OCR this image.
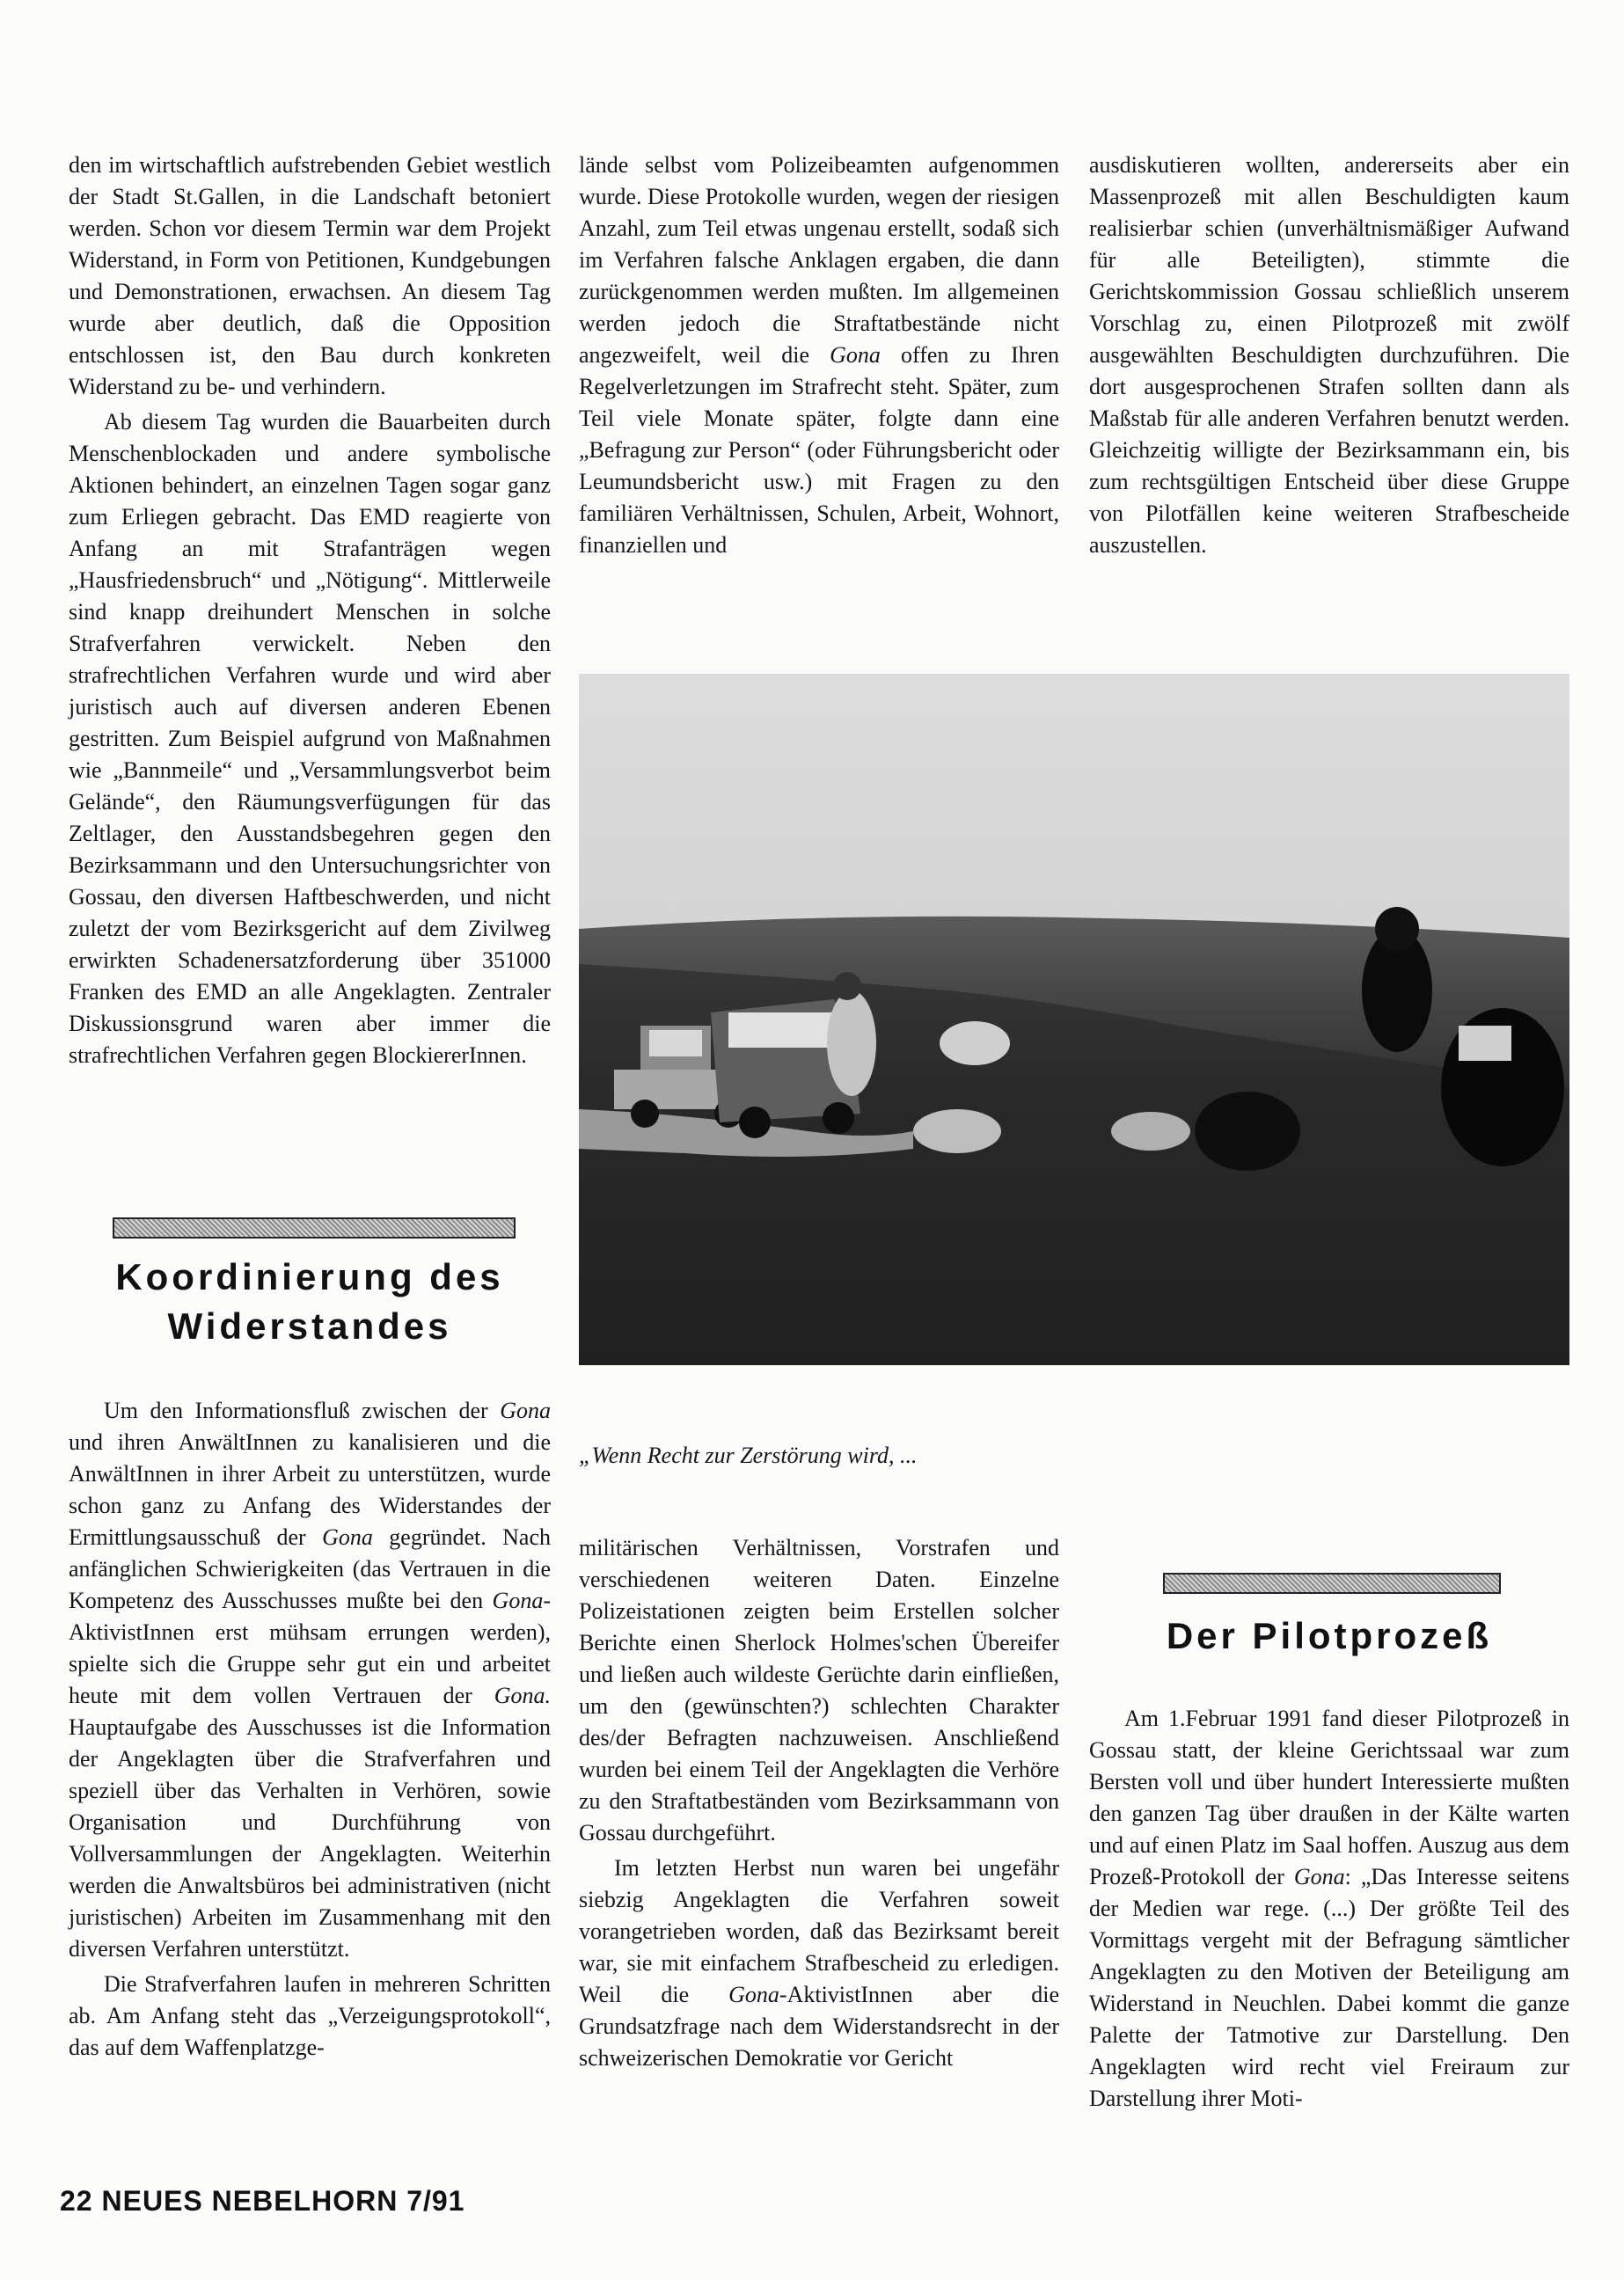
den im wirtschaftlich aufstrebenden Gebiet westlich der Stadt St.Gallen, in die Landschaft betoniert werden. Schon vor diesem Termin war dem Projekt Widerstand, in Form von Petitionen, Kundgebungen und Demonstrationen, erwachsen. An diesem Tag wurde aber deutlich, daß die Opposition entschlossen ist, den Bau durch konkreten Widerstand zu be- und verhindern.

Ab diesem Tag wurden die Bauarbeiten durch Menschenblockaden und andere symbolische Aktionen behindert, an einzelnen Tagen sogar ganz zum Erliegen gebracht. Das EMD reagierte von Anfang an mit Strafanträgen wegen „Hausfriedensbruch“ und „Nötigung“. Mittlerweile sind knapp dreihundert Menschen in solche Strafverfahren verwickelt. Neben den strafrechtlichen Verfahren wurde und wird aber juristisch auch auf diversen anderen Ebenen gestritten. Zum Beispiel aufgrund von Maßnahmen wie „Bannmeile“ und „Versammlungsverbot beim Gelände“, den Räumungsverfügungen für das Zeltlager, den Ausstandsbegehren gegen den Bezirksammann und den Untersuchungsrichter von Gossau, den diversen Haftbeschwerden, und nicht zuletzt der vom Bezirksgericht auf dem Zivilweg erwirkten Schadenersatzforderung über 351000 Franken des EMD an alle Angeklagten. Zentraler Diskussionsgrund waren aber immer die strafrechtlichen Verfahren gegen BlockiererInnen.

Koordinierung des
Widerstandes

Um den Informationsfluß zwischen der Gona und ihren AnwältInnen zu kanalisieren und die AnwältInnen in ihrer Arbeit zu unterstützen, wurde schon ganz zu Anfang des Widerstandes der Ermittlungsausschuß der Gona gegründet. Nach anfänglichen Schwierigkeiten (das Vertrauen in die Kompetenz des Ausschusses mußte bei den Gona-AktivistInnen erst mühsam errungen werden), spielte sich die Gruppe sehr gut ein und arbeitet heute mit dem vollen Vertrauen der Gona. Hauptaufgabe des Ausschusses ist die Information der Angeklagten über die Strafverfahren und speziell über das Verhalten in Verhören, sowie Organisation und Durchführung von Vollversammlungen der Angeklagten. Weiterhin werden die Anwaltsbüros bei administrativen (nicht juristischen) Arbeiten im Zusammenhang mit den diversen Verfahren unterstützt.

Die Strafverfahren laufen in mehreren Schritten ab. Am Anfang steht das „Verzeigungsprotokoll“, das auf dem Waffenplatzge-

lände selbst vom Polizeibeamten aufgenommen wurde. Diese Protokolle wurden, wegen der riesigen Anzahl, zum Teil etwas ungenau erstellt, sodaß sich im Verfahren falsche Anklagen ergaben, die dann zurückgenommen werden mußten. Im allgemeinen werden jedoch die Straftatbestände nicht angezweifelt, weil die Gona offen zu Ihren Regelverletzungen im Strafrecht steht. Später, zum Teil viele Monate später, folgte dann eine „Befragung zur Person“ (oder Führungsbericht oder Leumundsbericht usw.) mit Fragen zu den familiären Verhältnissen, Schulen, Arbeit, Wohnort, finanziellen und

ausdiskutieren wollten, andererseits aber ein Massenprozeß mit allen Beschuldigten kaum realisierbar schien (unverhältnismäßiger Aufwand für alle Beteiligten), stimmte die Gerichtskommission Gossau schließlich unserem Vorschlag zu, einen Pilotprozeß mit zwölf ausgewählten Beschuldigten durchzuführen. Die dort ausgesprochenen Strafen sollten dann als Maßstab für alle anderen Verfahren benutzt werden. Gleichzeitig willigte der Bezirksammann ein, bis zum rechtsgültigen Entscheid über diese Gruppe von Pilotfällen keine weiteren Strafbescheide auszustellen.

„Wenn Recht zur Zerstörung wird, ...

militärischen Verhältnissen, Vorstrafen und verschiedenen weiteren Daten. Einzelne Polizeistationen zeigten beim Erstellen solcher Berichte einen Sherlock Holmes'schen Übereifer und ließen auch wildeste Gerüchte darin einfließen, um den (gewünschten?) schlechten Charakter des/der Befragten nachzuweisen. Anschließend wurden bei einem Teil der Angeklagten die Verhöre zu den Straftatbeständen vom Bezirksammann von Gossau durchgeführt.

Im letzten Herbst nun waren bei ungefähr siebzig Angeklagten die Verfahren soweit vorangetrieben worden, daß das Bezirksamt bereit war, sie mit einfachem Strafbescheid zu erledigen. Weil die Gona-AktivistInnen aber die Grundsatzfrage nach dem Widerstandsrecht in der schweizerischen Demokratie vor Gericht

Der Pilotprozeß

Am 1.Februar 1991 fand dieser Pilotprozeß in Gossau statt, der kleine Gerichtssaal war zum Bersten voll und über hundert Interessierte mußten den ganzen Tag über draußen in der Kälte warten und auf einen Platz im Saal hoffen. Auszug aus dem Prozeß-Protokoll der Gona: „Das Interesse seitens der Medien war rege. (...) Der größte Teil des Vormittags vergeht mit der Befragung sämtlicher Angeklagten zu den Motiven der Beteiligung am Widerstand in Neuchlen. Dabei kommt die ganze Palette der Tatmotive zur Darstellung. Den Angeklagten wird recht viel Freiraum zur Darstellung ihrer Moti-

22 NEUES NEBELHORN 7/91
